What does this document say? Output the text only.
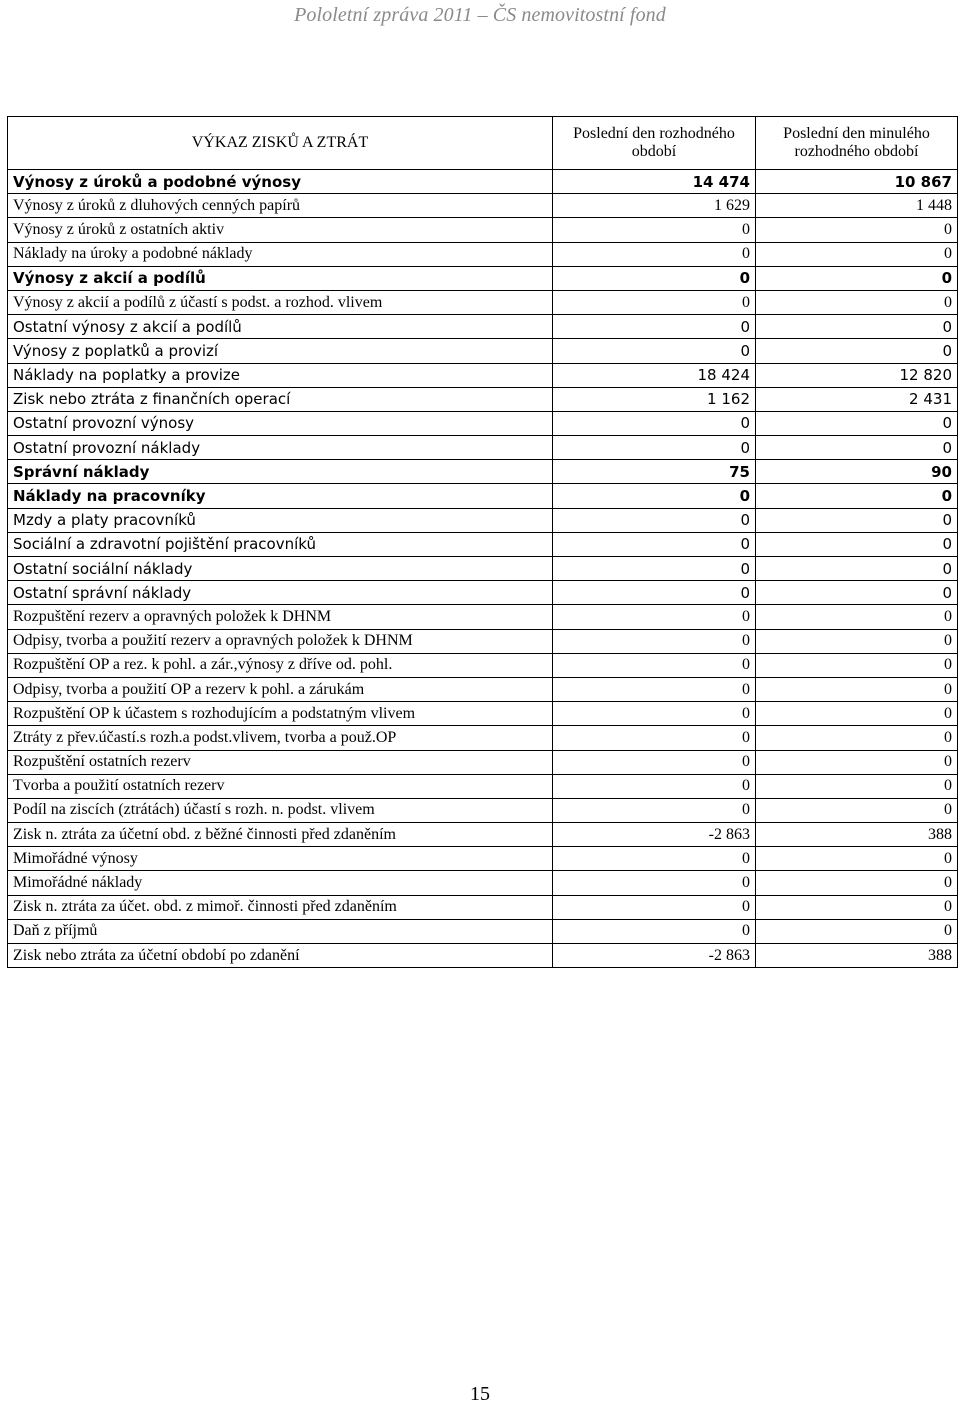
Pololetní zpráva 2011 – ČS nemovitostní fond
VÝKAZ ZISKŮ A ZTRÁT	Poslední den rozhodného období	Poslední den minulého rozhodného období
Výnosy z úroků a podobné výnosy	14 474	10 867
Výnosy z úroků z dluhových cenných papírů	1 629	1 448
Výnosy z úroků z ostatních aktiv	0	0
Náklady na úroky a podobné náklady	0	0
Výnosy z akcií a podílů	0	0
Výnosy z akcií a podílů z účastí s podst. a rozhod. vlivem	0	0
Ostatní výnosy z akcií a podílů	0	0
Výnosy z poplatků a provizí	0	0
Náklady na poplatky a provize	18 424	12 820
Zisk nebo ztráta z finančních operací	1 162	2 431
Ostatní provozní výnosy	0	0
Ostatní provozní náklady	0	0
Správní náklady	75	90
Náklady na pracovníky	0	0
Mzdy a platy pracovníků	0	0
Sociální a zdravotní pojištění pracovníků	0	0
Ostatní sociální náklady	0	0
Ostatní správní náklady	0	0
Rozpuštění rezerv a opravných položek k DHNM	0	0
Odpisy, tvorba a použití rezerv a opravných položek k DHNM	0	0
Rozpuštění OP a rez. k pohl. a zár.,výnosy z dříve od. pohl.	0	0
Odpisy, tvorba a použití OP a rezerv k pohl. a zárukám	0	0
Rozpuštění OP k účastem s rozhodujícím a podstatným vlivem	0	0
Ztráty z přev.účastí.s rozh.a podst.vlivem, tvorba a použ.OP	0	0
Rozpuštění ostatních rezerv	0	0
Tvorba a použití ostatních rezerv	0	0
Podíl na ziscích (ztrátách) účastí s rozh. n. podst. vlivem	0	0
Zisk n. ztráta za účetní obd. z běžné činnosti před zdaněním	-2 863	388
Mimořádné výnosy	0	0
Mimořádné náklady	0	0
Zisk n. ztráta za účet. obd. z mimoř. činnosti před zdaněním	0	0
Daň z příjmů	0	0
Zisk nebo ztráta za účetní období po zdanění	-2 863	388
15
